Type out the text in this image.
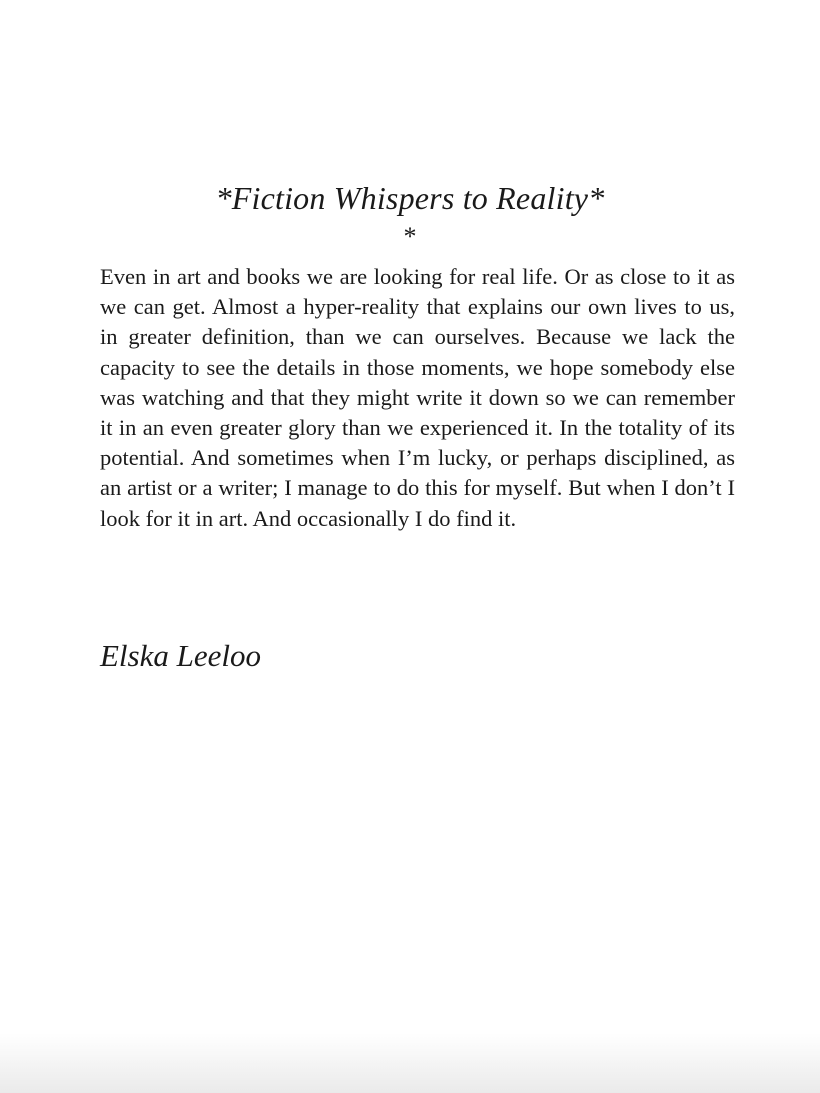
*Fiction Whispers to Reality*
*

Even in art and books we are looking for real life. Or as close to it as we can get. Almost a hyper-reality that explains our own lives to us, in greater definition, than we can ourselves. Because we lack the capacity to see the details in those moments, we hope somebody else was watching and that they might write it down so we can remember it in an even greater glory than we experienced it. In the totality of its potential. And sometimes when I’m lucky, or perhaps disciplined, as an artist or a writer; I manage to do this for myself. But when I don’t I look for it in art. And occasionally I do find it.

Elska Leeloo
